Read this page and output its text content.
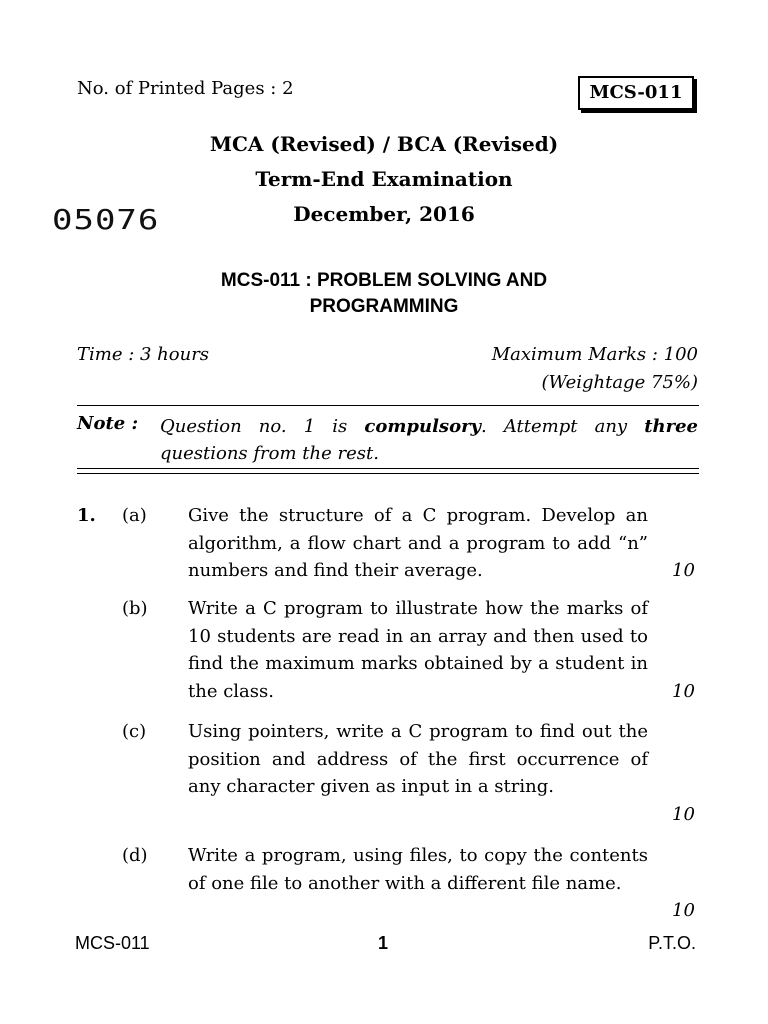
No. of Printed Pages : 2	MCS-011
MCA (Revised) / BCA (Revised)
Term-End Examination
05076	December, 2016
MCS-011 : PROBLEM SOLVING AND
PROGRAMMING
Time : 3 hours	Maximum Marks : 100
(Weightage 75%)
Note : Question no. 1 is compulsory. Attempt any three questions from the rest.
1. (a) Give the structure of a C program. Develop an algorithm, a flow chart and a program to add “n” numbers and find their average.	10
(b) Write a C program to illustrate how the marks of 10 students are read in an array and then used to find the maximum marks obtained by a student in the class.	10
(c) Using pointers, write a C program to find out the position and address of the first occurrence of any character given as input in a string.
10
(d) Write a program, using files, to copy the contents of one file to another with a different file name.
10
MCS-011	1	P.T.O.
